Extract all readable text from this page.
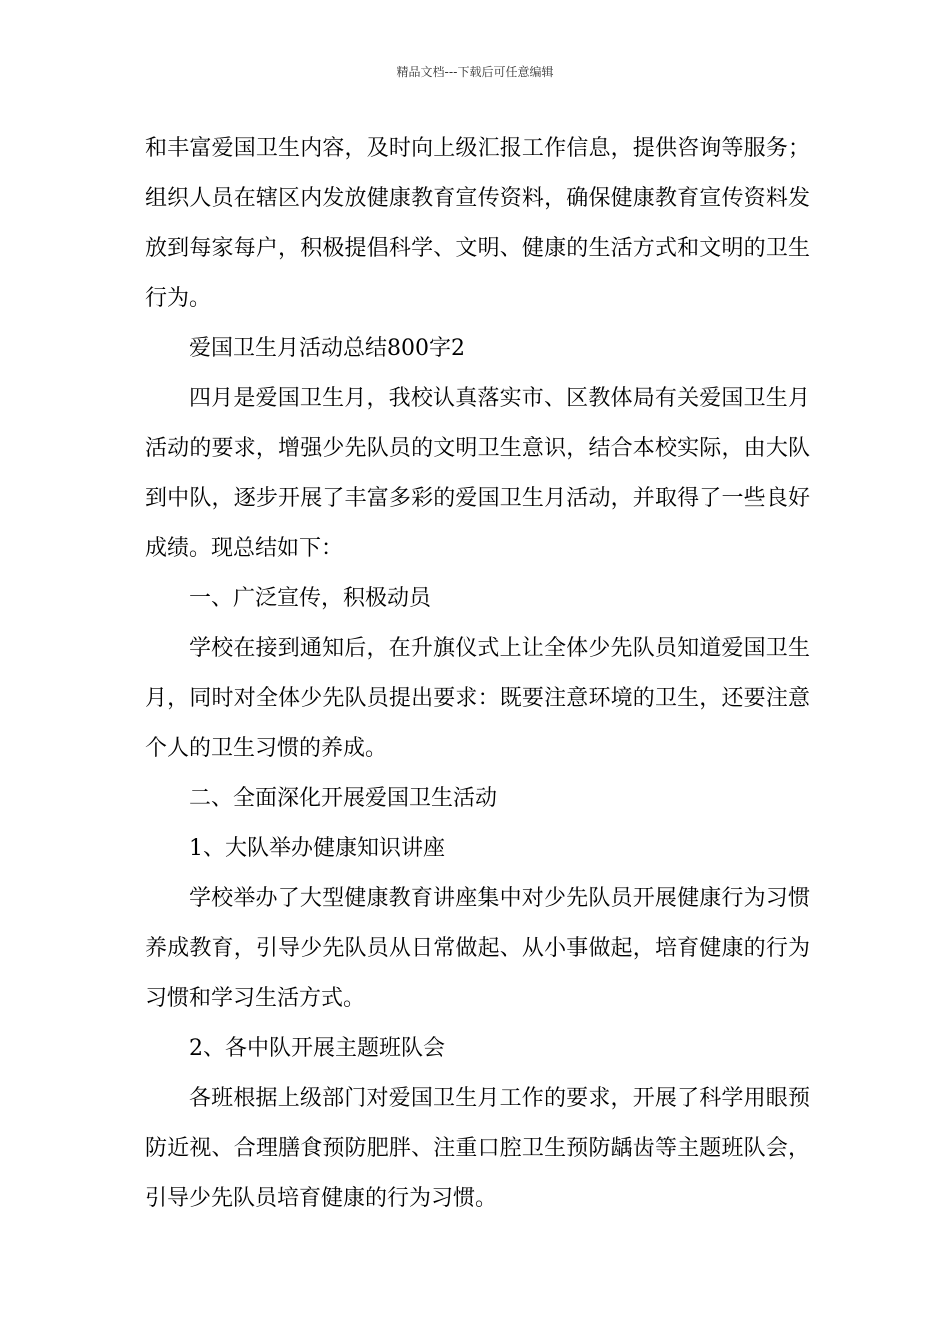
精品文档---下载后可任意编辑

和丰富爱国卫生内容，及时向上级汇报工作信息，提供咨询等服务；组织人员在辖区内发放健康教育宣传资料，确保健康教育宣传资料发放到每家每户，积极提倡科学、文明、健康的生活方式和文明的卫生行为。

爱国卫生月活动总结800字2

四月是爱国卫生月，我校认真落实市、区教体局有关爱国卫生月活动的要求，增强少先队员的文明卫生意识，结合本校实际，由大队到中队，逐步开展了丰富多彩的爱国卫生月活动，并取得了一些良好成绩。现总结如下：

一、广泛宣传，积极动员

学校在接到通知后，在升旗仪式上让全体少先队员知道爱国卫生月，同时对全体少先队员提出要求：既要注意环境的卫生，还要注意个人的卫生习惯的养成。

二、全面深化开展爱国卫生活动

1、大队举办健康知识讲座

学校举办了大型健康教育讲座集中对少先队员开展健康行为习惯养成教育，引导少先队员从日常做起、从小事做起，培育健康的行为习惯和学习生活方式。

2、各中队开展主题班队会

各班根据上级部门对爱国卫生月工作的要求，开展了科学用眼预防近视、合理膳食预防肥胖、注重口腔卫生预防龋齿等主题班队会，引导少先队员培育健康的行为习惯。
